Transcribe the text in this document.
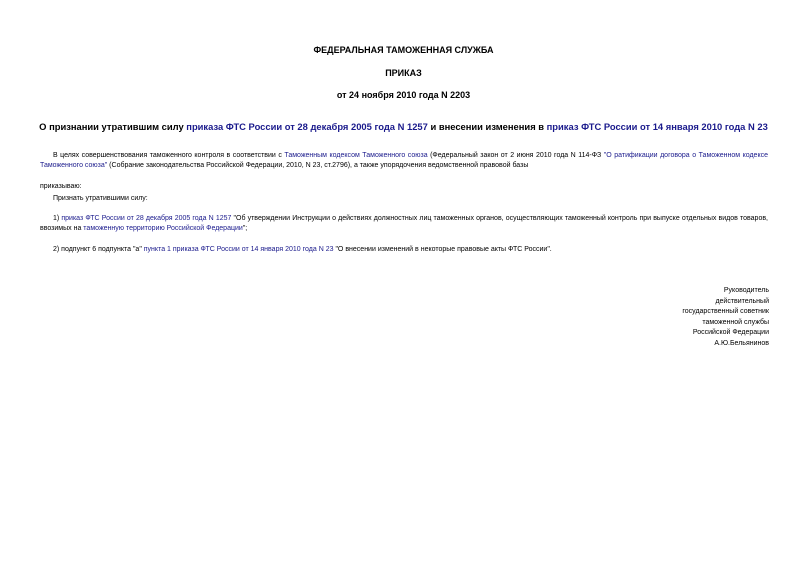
ФЕДЕРАЛЬНАЯ ТАМОЖЕННАЯ СЛУЖБА
ПРИКАЗ
от 24 ноября 2010 года N 2203
О признании утратившим силу приказа ФТС России от 28 декабря 2005 года N 1257 и внесении изменения в приказ ФТС России от 14 января 2010 года N 23
В целях совершенствования таможенного контроля в соответствии с Таможенным кодексом Таможенного союза (Федеральный закон от 2 июня 2010 года N 114-ФЗ "О ратификации договора о Таможенном кодексе Таможенного союза" (Собрание законодательства Российской Федерации, 2010, N 23, ст.2796), а также упорядочения ведомственной правовой базы
приказываю:
Признать утратившими силу:
1) приказ ФТС России от 28 декабря 2005 года N 1257 "Об утверждении Инструкции о действиях должностных лиц таможенных органов, осуществляющих таможенный контроль при выпуске отдельных видов товаров, ввозимых на таможенную территорию Российской Федерации";
2) подпункт 6 подпункта "а" пункта 1 приказа ФТС России от 14 января 2010 года N 23 "О внесении изменений в некоторые правовые акты ФТС России".
Руководитель
действительный
государственный советник
таможенной службы
Российской Федерации
А.Ю.Бельянинов
